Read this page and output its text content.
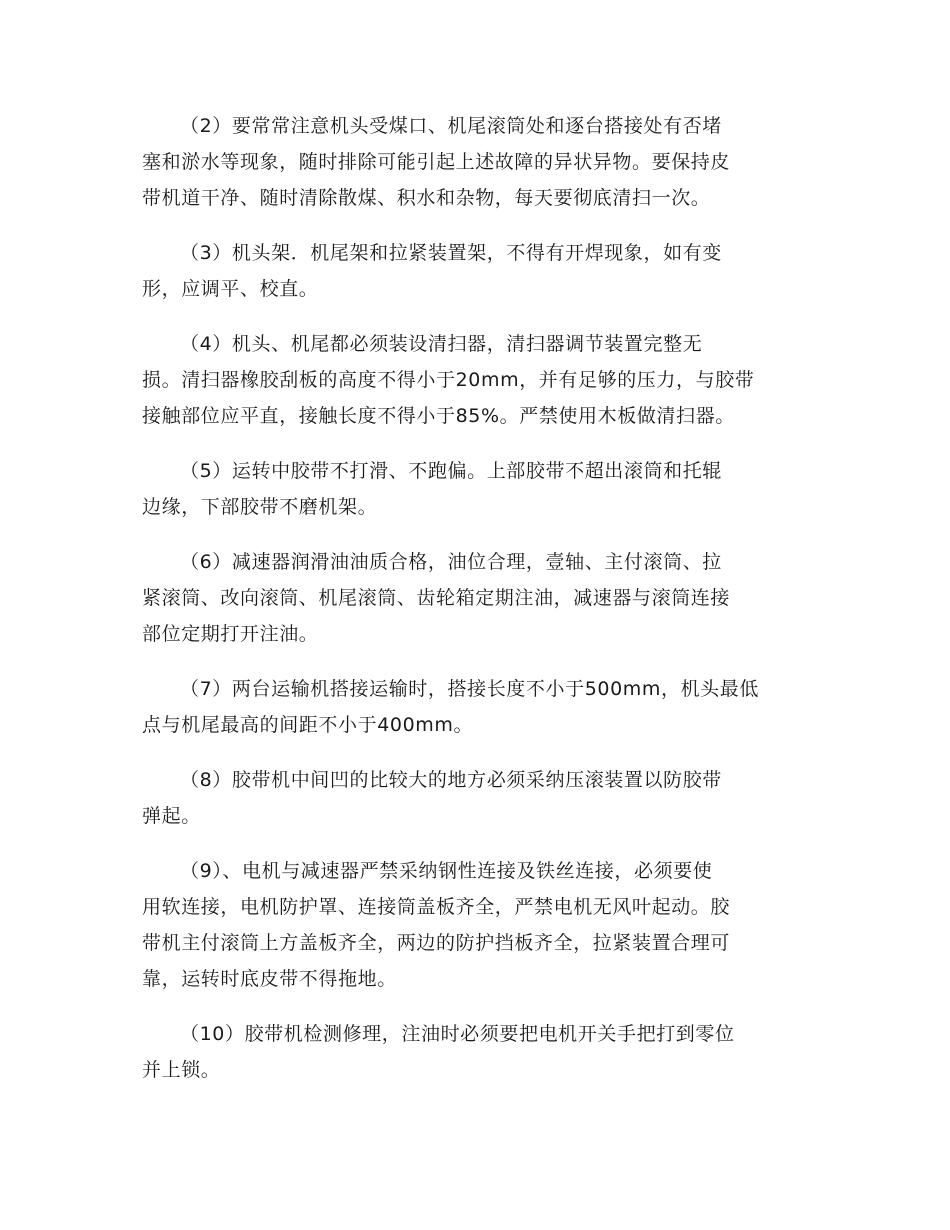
（2）要常常注意机头受煤口、机尾滚筒处和逐台搭接处有否堵
塞和淤水等现象，随时排除可能引起上述故障的异状异物。要保持皮
带机道干净、随时清除散煤、积水和杂物，每天要彻底清扫一次。

（3）机头架．机尾架和拉紧装置架，不得有开焊现象，如有变
形，应调平、校直。

（4）机头、机尾都必须装设清扫器，清扫器调节装置完整无
损。清扫器橡胶刮板的高度不得小于20mm，并有足够的压力，与胶带
接触部位应平直，接触长度不得小于85%。严禁使用木板做清扫器。

（5）运转中胶带不打滑、不跑偏。上部胶带不超出滚筒和托辊
边缘，下部胶带不磨机架。

（6）减速器润滑油油质合格，油位合理，壹轴、主付滚筒、拉
紧滚筒、改向滚筒、机尾滚筒、齿轮箱定期注油，减速器与滚筒连接
部位定期打开注油。

（7）两台运输机搭接运输时，搭接长度不小于500mm，机头最低
点与机尾最高的间距不小于400mm。

（8）胶带机中间凹的比较大的地方必须采纳压滚装置以防胶带
弹起。

（9）、电机与减速器严禁采纳钢性连接及铁丝连接，必须要使
用软连接，电机防护罩、连接筒盖板齐全，严禁电机无风叶起动。胶
带机主付滚筒上方盖板齐全，两边的防护挡板齐全，拉紧装置合理可
靠，运转时底皮带不得拖地。

（10）胶带机检测修理，注油时必须要把电机开关手把打到零位
并上锁。
